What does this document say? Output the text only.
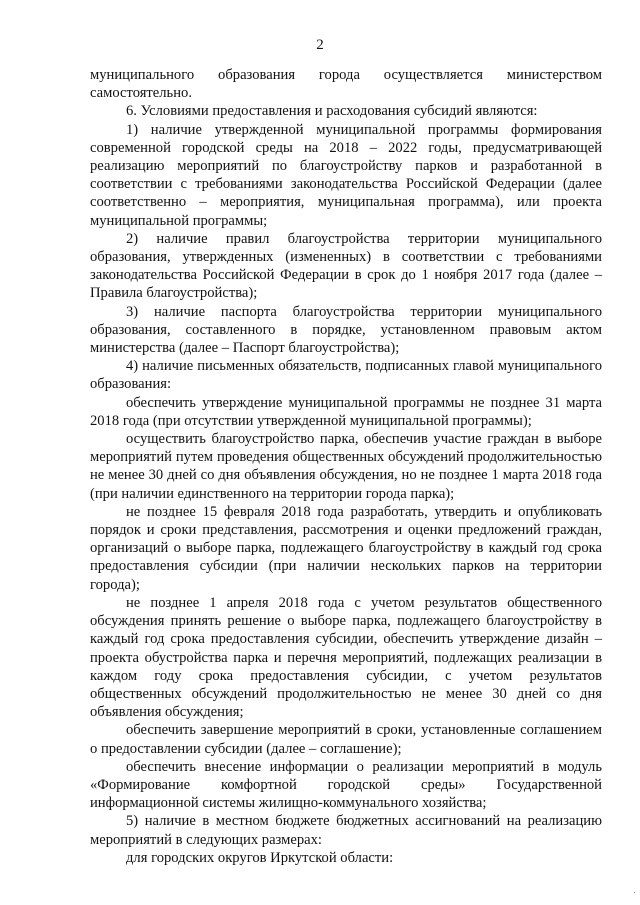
2

муниципального образования города осуществляется министерством самостоятельно.

6. Условиями предоставления и расходования субсидий являются:

1) наличие утвержденной муниципальной программы формирования современной городской среды на 2018 – 2022 годы, предусматривающей реализацию мероприятий по благоустройству парков и разработанной в соответствии с требованиями законодательства Российской Федерации (далее соответственно – мероприятия, муниципальная программа), или проекта муниципальной программы;

2) наличие правил благоустройства территории муниципального образования, утвержденных (измененных) в соответствии с требованиями законодательства Российской Федерации в срок до 1 ноября 2017 года (далее – Правила благоустройства);

3) наличие паспорта благоустройства территории муниципального образования, составленного в порядке, установленном правовым актом министерства (далее – Паспорт благоустройства);

4) наличие письменных обязательств, подписанных главой муниципального образования:

обеспечить утверждение муниципальной программы не позднее 31 марта 2018 года (при отсутствии утвержденной муниципальной программы);

осуществить благоустройство парка, обеспечив участие граждан в выборе мероприятий путем проведения общественных обсуждений продолжительностью не менее 30 дней со дня объявления обсуждения, но не позднее 1 марта 2018 года (при наличии единственного на территории города парка);

не позднее 15 февраля 2018 года разработать, утвердить и опубликовать порядок и сроки представления, рассмотрения и оценки предложений граждан, организаций о выборе парка, подлежащего благоустройству в каждый год срока предоставления субсидии (при наличии нескольких парков на территории города);

не позднее 1 апреля 2018 года с учетом результатов общественного обсуждения принять решение о выборе парка, подлежащего благоустройству в каждый год срока предоставления субсидии, обеспечить утверждение дизайн – проекта обустройства парка и перечня мероприятий, подлежащих реализации в каждом году срока предоставления субсидии, с учетом результатов общественных обсуждений продолжительностью не менее 30 дней со дня объявления обсуждения;

обеспечить завершение мероприятий в сроки, установленные соглашением о предоставлении субсидии (далее – соглашение);

обеспечить внесение информации о реализации мероприятий в модуль «Формирование комфортной городской среды» Государственной информационной системы жилищно-коммунального хозяйства;

5) наличие в местном бюджете бюджетных ассигнований на реализацию мероприятий в следующих размерах:

для городских округов Иркутской области:

·
